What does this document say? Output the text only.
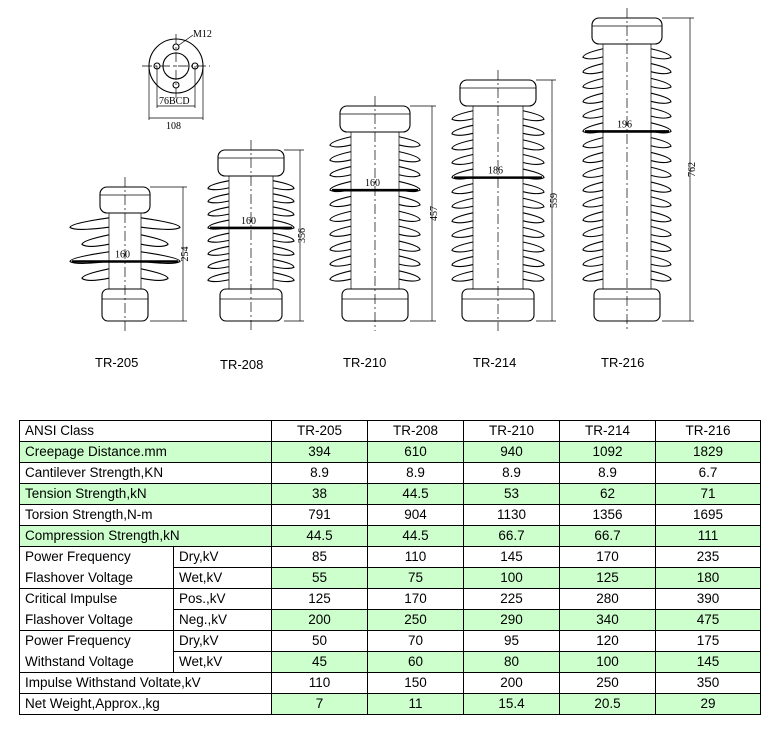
M12
76BCD
108
160	254
160
356
160
457
186
559
196
762
TR-205	TR-208	TR-210	TR-214	TR-216
ANSI Class		TR-205	TR-208	TR-210	TR-214	TR-216
Creepage Distance.mm		394	610	940	1092	1829
Cantilever Strength,KN		8.9	8.9	8.9	8.9	6.7
Tension Strength,kN		38	44.5	53	62	71
Torsion Strength,N-m		791	904	1130	1356	1695
Compression Strength,kN		44.5	44.5	66.7	66.7	111
Power Frequency	Dry,kV	85	110	145	170	235
Flashover Voltage	Wet,kV	55	75	100	125	180
Critical Impulse	Pos.,kV	125	170	225	280	390
Flashover Voltage	Neg.,kV	200	250	290	340	475
Power Frequency	Dry,kV	50	70	95	120	175
Withstand Voltage	Wet,kV	45	60	80	100	145
Impulse Withstand Voltate,kV		110	150	200	250	350
Net Weight,Approx.,kg		7	11	15.4	20.5	29
